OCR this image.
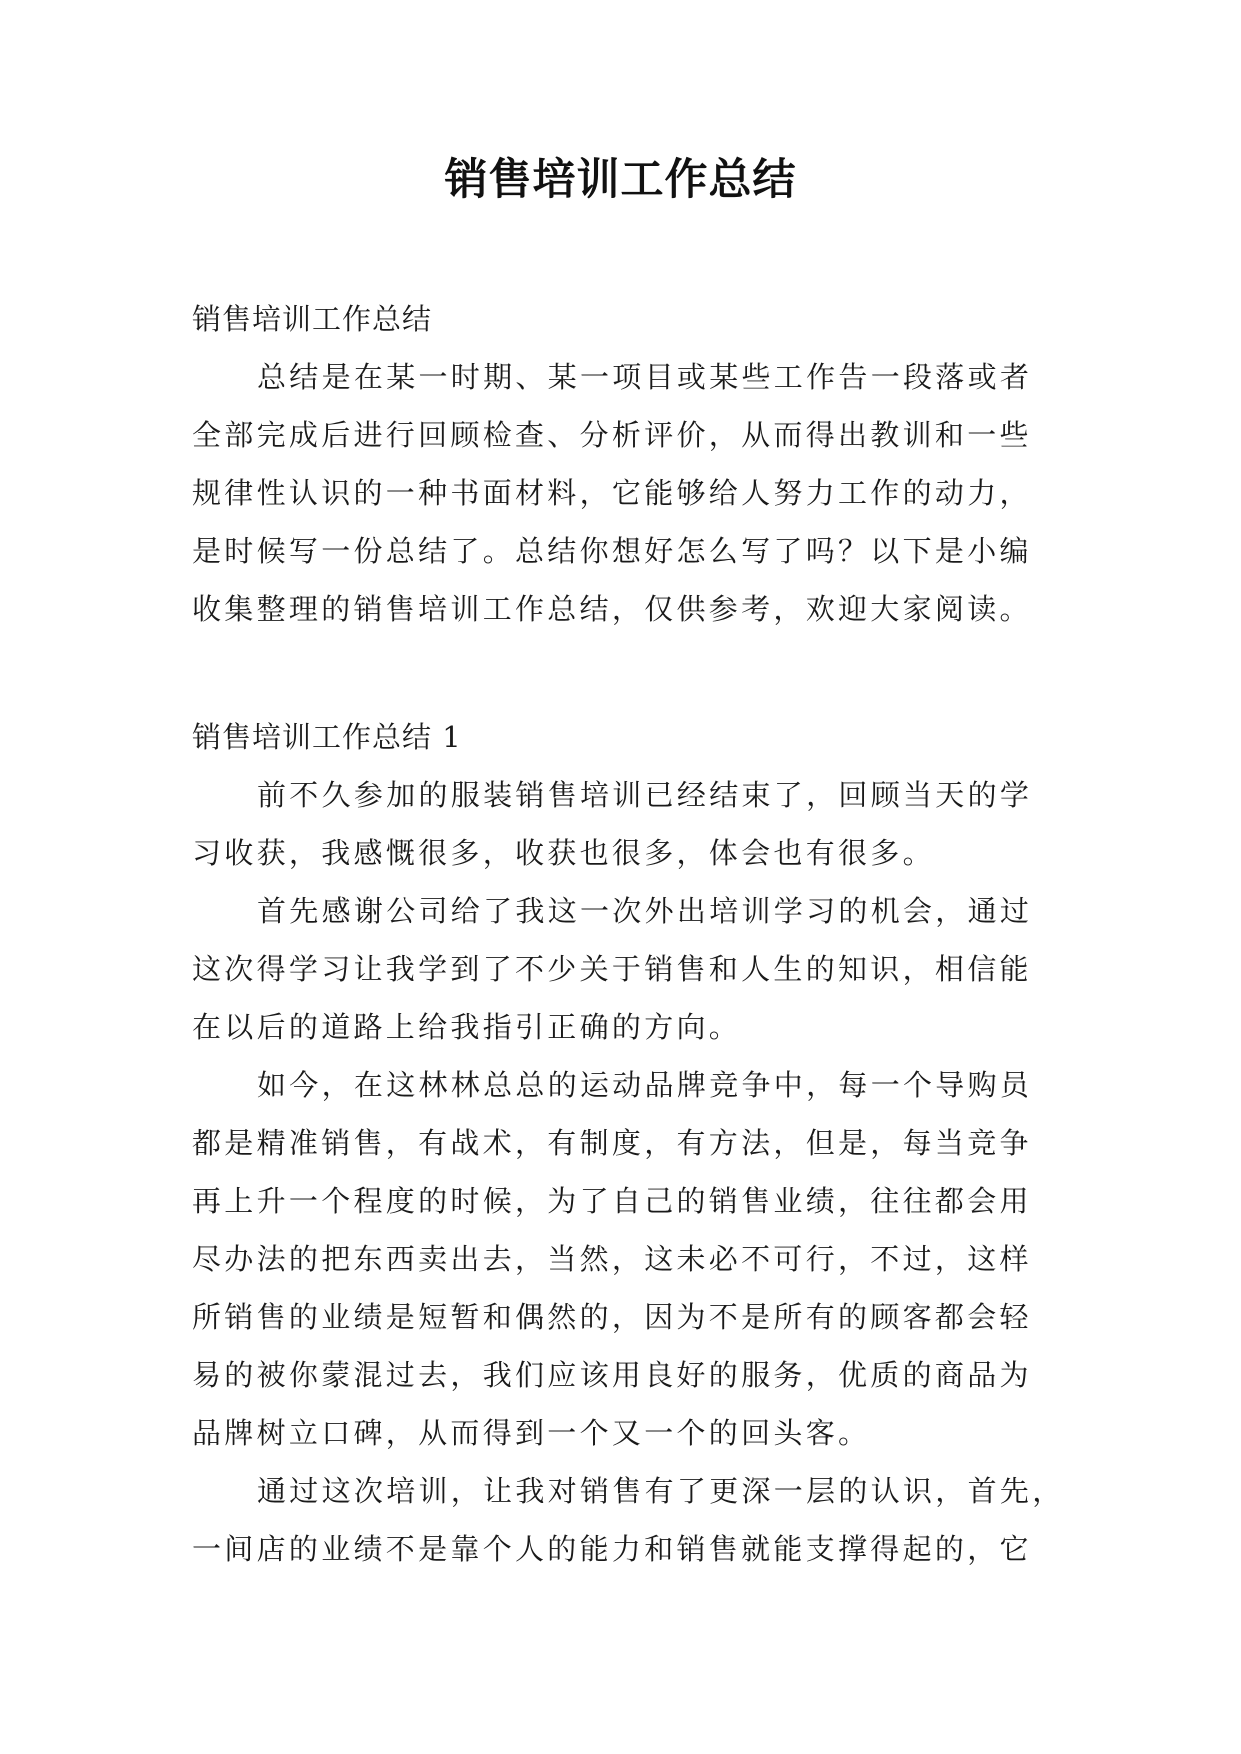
销售培训工作总结

销售培训工作总结

总结是在某一时期、某一项目或某些工作告一段落或者
全部完成后进行回顾检查、分析评价，从而得出教训和一些
规律性认识的一种书面材料，它能够给人努力工作的动力，
是时候写一份总结了。总结你想好怎么写了吗？以下是小编
收集整理的销售培训工作总结，仅供参考，欢迎大家阅读。

销售培训工作总结 1

前不久参加的服装销售培训已经结束了，回顾当天的学
习收获，我感慨很多，收获也很多，体会也有很多。

首先感谢公司给了我这一次外出培训学习的机会，通过
这次得学习让我学到了不少关于销售和人生的知识，相信能
在以后的道路上给我指引正确的方向。

如今，在这林林总总的运动品牌竞争中，每一个导购员
都是精准销售，有战术，有制度，有方法，但是，每当竞争
再上升一个程度的时候，为了自己的销售业绩，往往都会用
尽办法的把东西卖出去，当然，这未必不可行，不过，这样
所销售的业绩是短暂和偶然的，因为不是所有的顾客都会轻
易的被你蒙混过去，我们应该用良好的服务，优质的商品为
品牌树立口碑，从而得到一个又一个的回头客。

通过这次培训，让我对销售有了更深一层的认识，首先，
一间店的业绩不是靠个人的能力和销售就能支撑得起的，它
